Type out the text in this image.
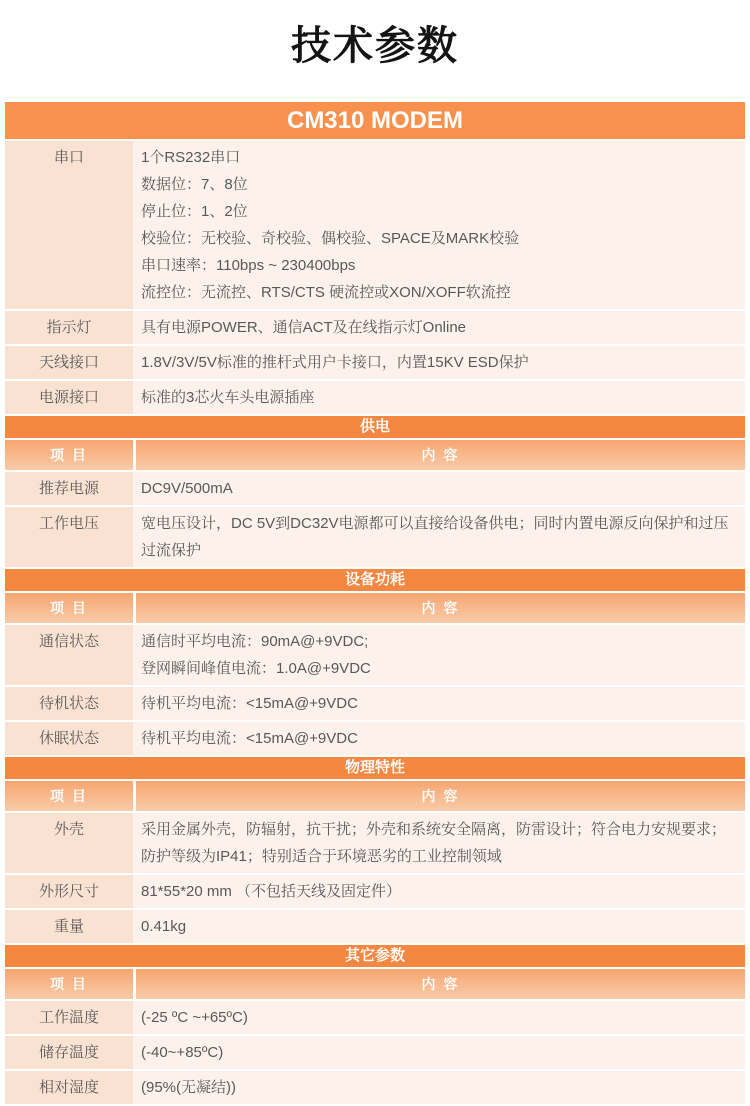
技术参数
CM310 MODEM
串口	1个RS232串口
数据位：7、8位
停止位：1、2位
校验位：无校验、奇校验、偶校验、SPACE及MARK校验
串口速率：110bps ~ 230400bps
流控位：无流控、RTS/CTS 硬流控或XON/XOFF软流控
指示灯	具有电源POWER、通信ACT及在线指示灯Online
天线接口	1.8V/3V/5V标准的推杆式用户卡接口，内置15KV ESD保护
电源接口	标准的3芯火车头电源插座
供电
项 目	内 容
推荐电源	DC9V/500mA
工作电压	宽电压设计，DC 5V到DC32V电源都可以直接给设备供电；同时内置电源反向保护和过压过流保护
设备功耗
项 目	内 容
通信状态	通信时平均电流：90mA@+9VDC;
登网瞬间峰值电流：1.0A@+9VDC
待机状态	待机平均电流：<15mA@+9VDC
休眠状态	待机平均电流：<15mA@+9VDC
物理特性
项 目	内 容
外壳	采用金属外壳，防辐射，抗干扰；外壳和系统安全隔离，防雷设计；符合电力安规要求；防护等级为IP41；特别适合于环境恶劣的工业控制领域
外形尺寸	81*55*20 mm （不包括天线及固定件）
重量	0.41kg
其它参数
项 目	内 容
工作温度	(-25 ºC ~+65ºC)
储存温度	(-40~+85ºC)
相对湿度	(95%(无凝结))
